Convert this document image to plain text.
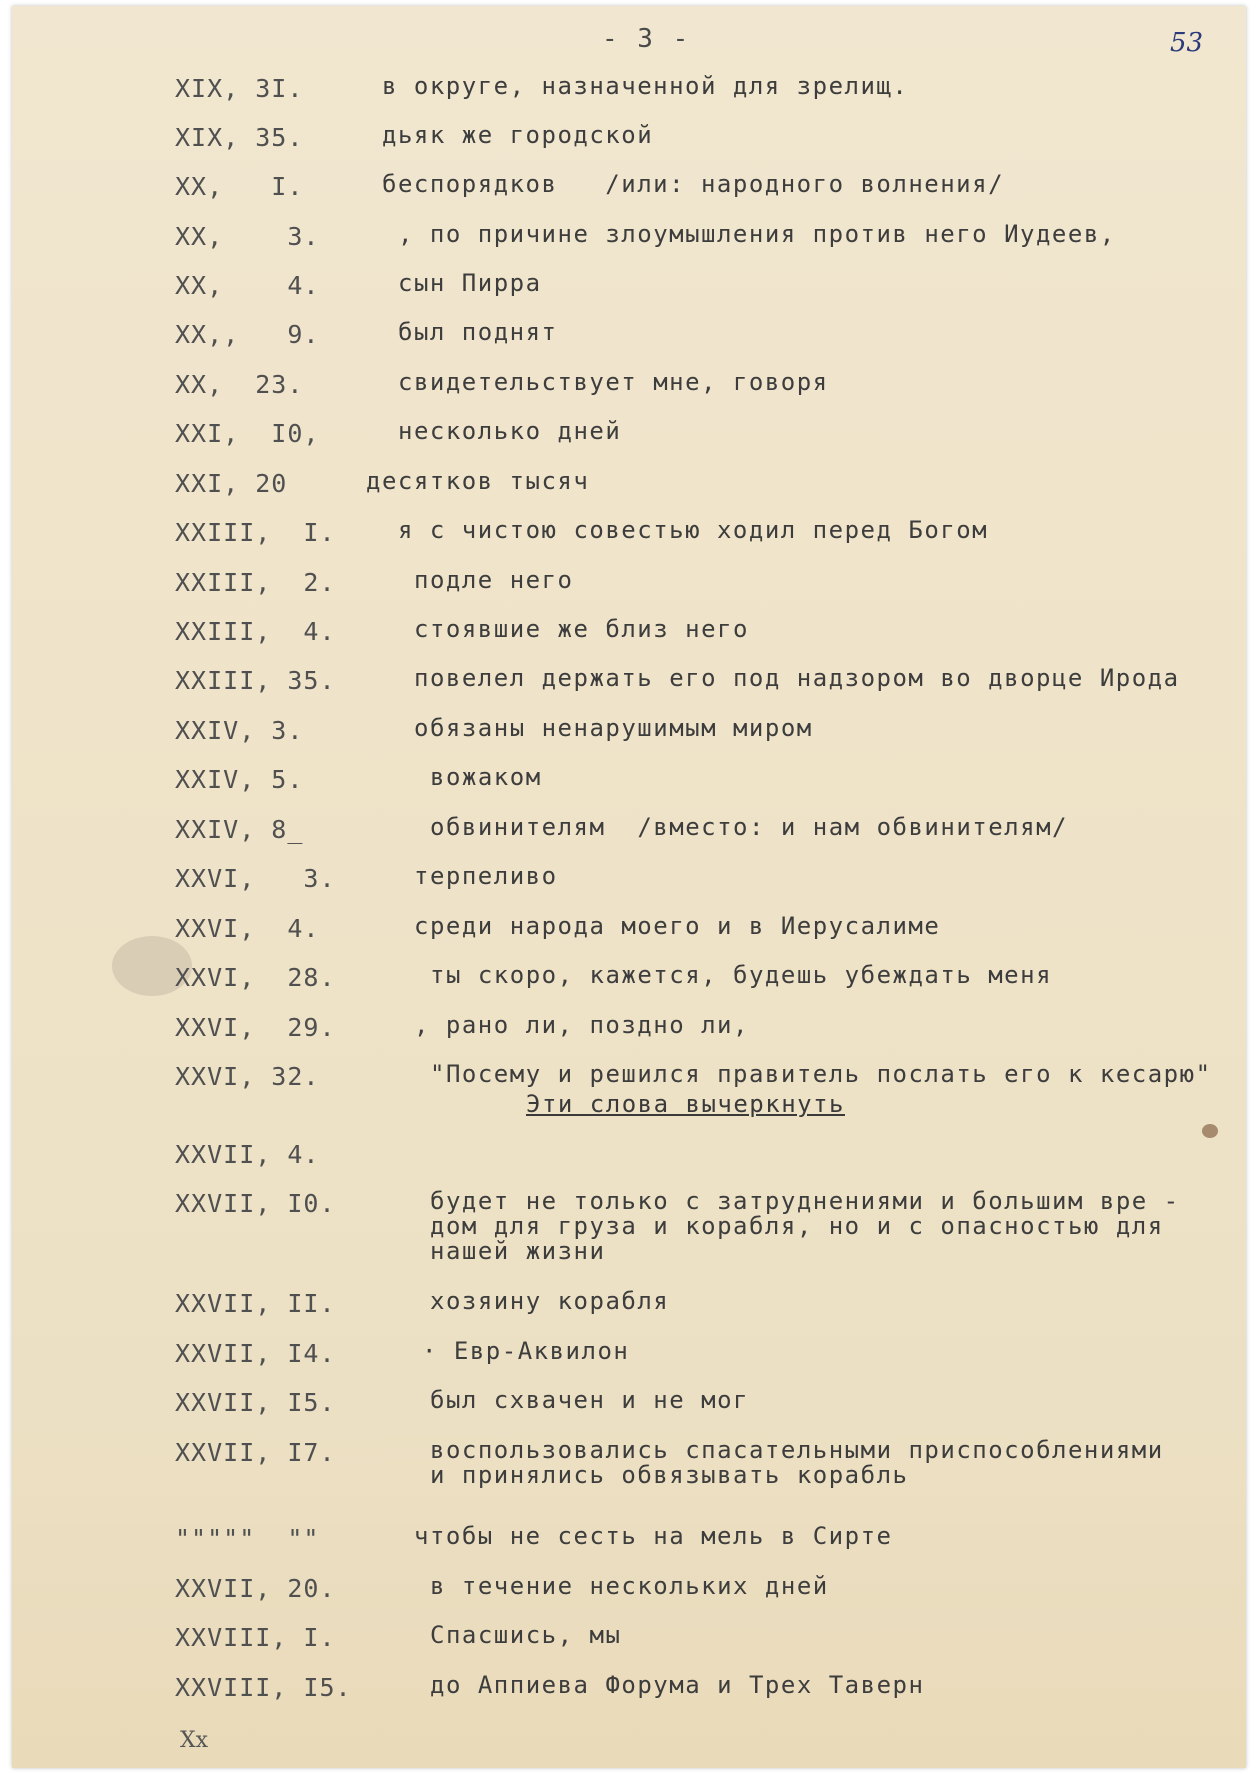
- 3 -	53
XIX, 3I.	в округе, назначенной для зрелищ.
XIX, 35.	дьяк же городской
XX,   I.	беспорядков   /или: народного волнения/
XX,    3.	, по причине злоумышления против него Иудеев,
XX,    4.	сын Пирра
XX,,   9.	был поднят
XX,  23.	свидетельствует мне, говоря
XXI,  I0,	несколько дней
XXI, 20	десятков тысяч
XXIII,  I.	я с чистою совестью ходил перед Богом
XXIII,  2.	подле него
XXIII,  4.	стоявшие же близ него
XXIII, 35.	повелел держать его под надзором во дворце Ирода
XXIV, 3.	обязаны ненарушимым миром
XXIV, 5.	вожаком
XXIV, 8_	обвинителям  /вместо: и нам обвинителям/
XXVI,   3.	терпеливо
XXVI,  4.	среди народа моего и в Иерусалиме
XXVI,  28.	ты скоро, кажется, будешь убеждать меня
XXVI,  29.	, рано ли, поздно ли,
XXVI, 32.	"Посему и решился правитель послать его к кесарю"
Эти слова вычеркнуть
XXVII, 4.
XXVII, I0.	будет не только с затруднениями и большим вре -
дом для груза и корабля, но и с опасностью для
нашей жизни
XXVII, II.	хозяину корабля
XXVII, I4.	· Евр-Аквилон
XXVII, I5.	был схвачен и не мог
XXVII, I7.	воспользовались спасательными приспособлениями
и принялись обвязывать корабль
"""""  ""	чтобы не сесть на мель в Сирте
XXVII, 20.	в течение нескольких дней
XXVIII, I.	Спасшись, мы
XXVIII, I5.	до Аппиева Форума и Трех Таверн
Xх
